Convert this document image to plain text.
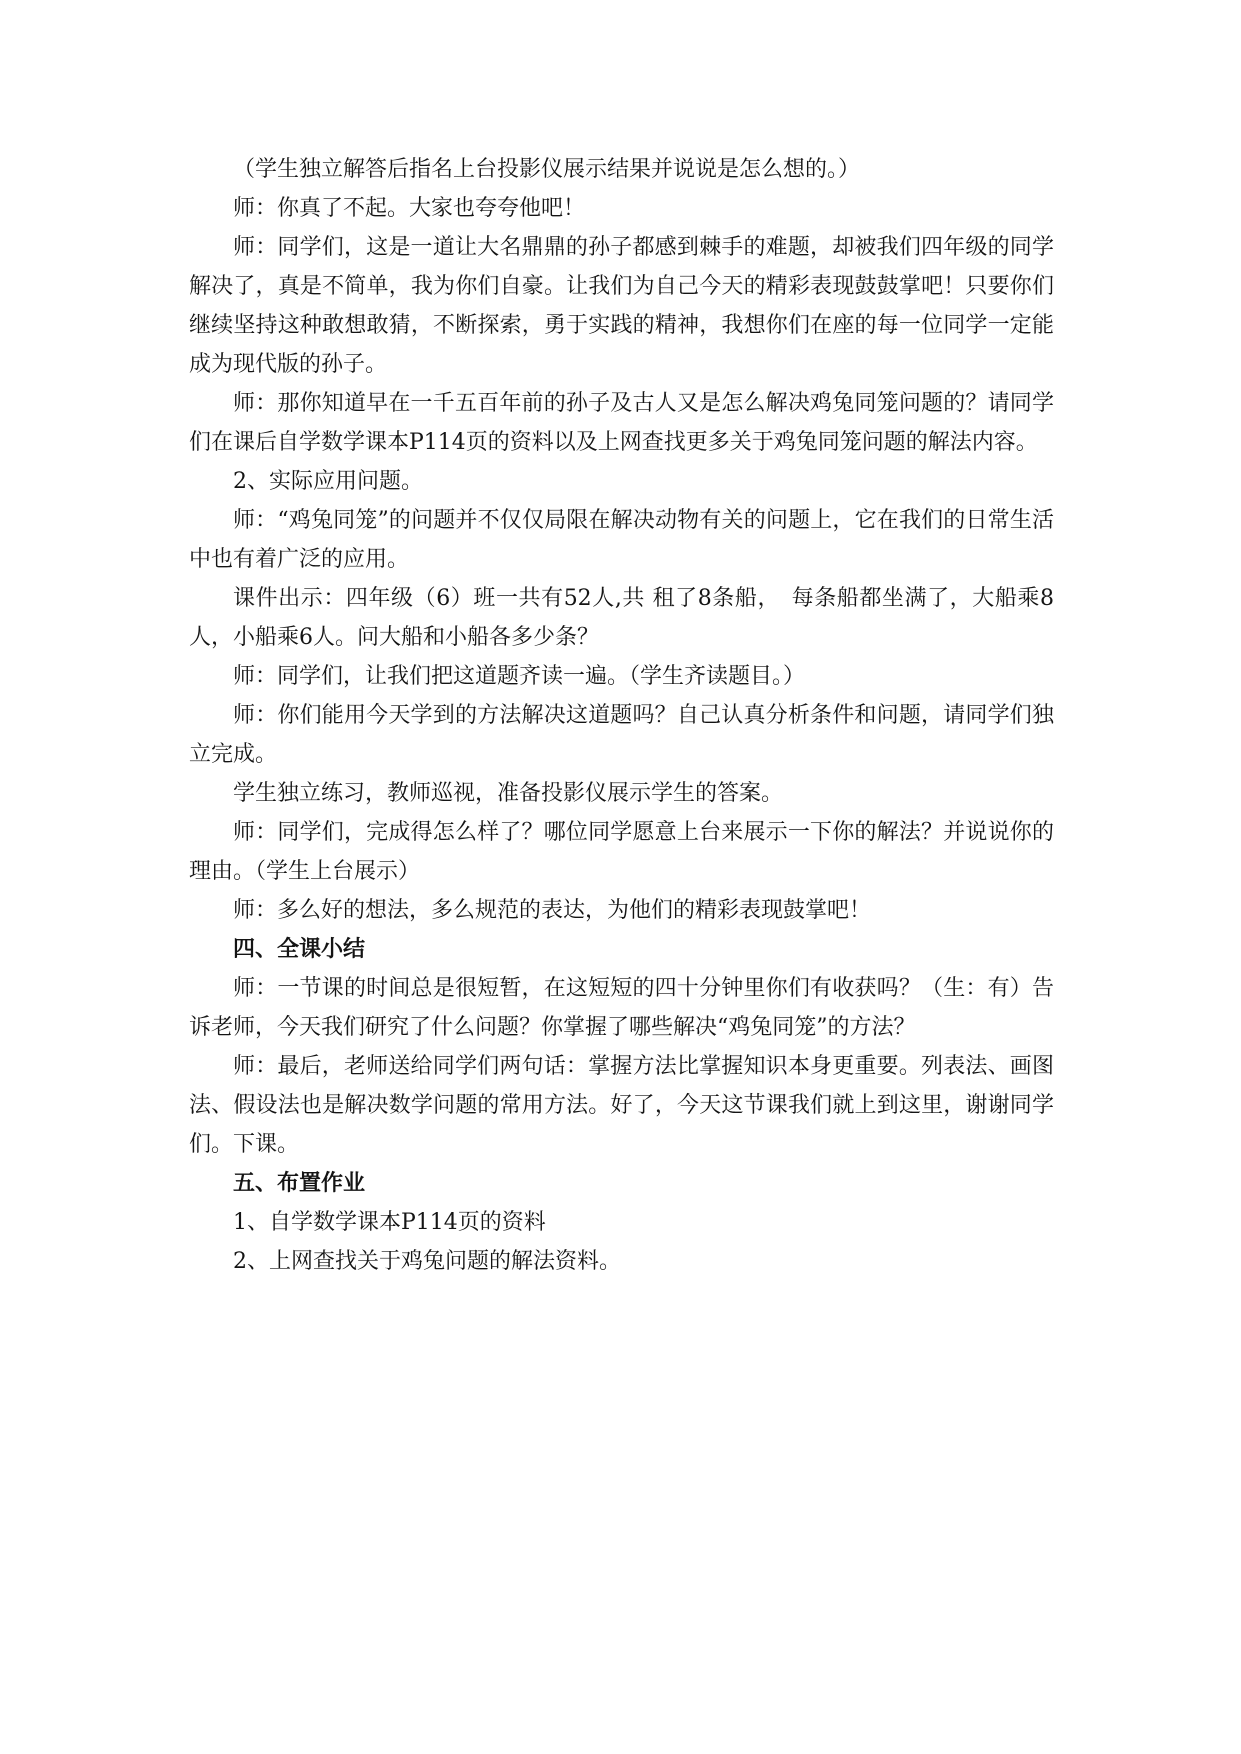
（学生独立解答后指名上台投影仪展示结果并说说是怎么想的。）

师：你真了不起。大家也夸夸他吧！

师：同学们，这是一道让大名鼎鼎的孙子都感到棘手的难题，却被我们四年级的同学解决了，真是不简单，我为你们自豪。让我们为自己今天的精彩表现鼓鼓掌吧！只要你们继续坚持这种敢想敢猜，不断探索，勇于实践的精神，我想你们在座的每一位同学一定能成为现代版的孙子。

师：那你知道早在一千五百年前的孙子及古人又是怎么解决鸡兔同笼问题的？请同学们在课后自学数学课本P114页的资料以及上网查找更多关于鸡兔同笼问题的解法内容。

2、实际应用问题。

师：“鸡兔同笼”的问题并不仅仅局限在解决动物有关的问题上，它在我们的日常生活中也有着广泛的应用。

课件出示：四年级（6）班一共有52人,共 租了8条船，　每条船都坐满了，大船乘8人，小船乘6人。问大船和小船各多少条？

师：同学们，让我们把这道题齐读一遍。（学生齐读题目。）

师：你们能用今天学到的方法解决这道题吗？自己认真分析条件和问题，请同学们独立完成。

学生独立练习，教师巡视，准备投影仪展示学生的答案。

师：同学们，完成得怎么样了？哪位同学愿意上台来展示一下你的解法？并说说你的理由。（学生上台展示）

师：多么好的想法，多么规范的表达，为他们的精彩表现鼓掌吧！

四、全课小结

师：一节课的时间总是很短暂，在这短短的四十分钟里你们有收获吗？（生：有）告诉老师，今天我们研究了什么问题？你掌握了哪些解决“鸡兔同笼”的方法？

师：最后，老师送给同学们两句话：掌握方法比掌握知识本身更重要。列表法、画图法、假设法也是解决数学问题的常用方法。好了，今天这节课我们就上到这里，谢谢同学们。下课。

五、布置作业

1、自学数学课本P114页的资料

2、上网查找关于鸡兔问题的解法资料。
